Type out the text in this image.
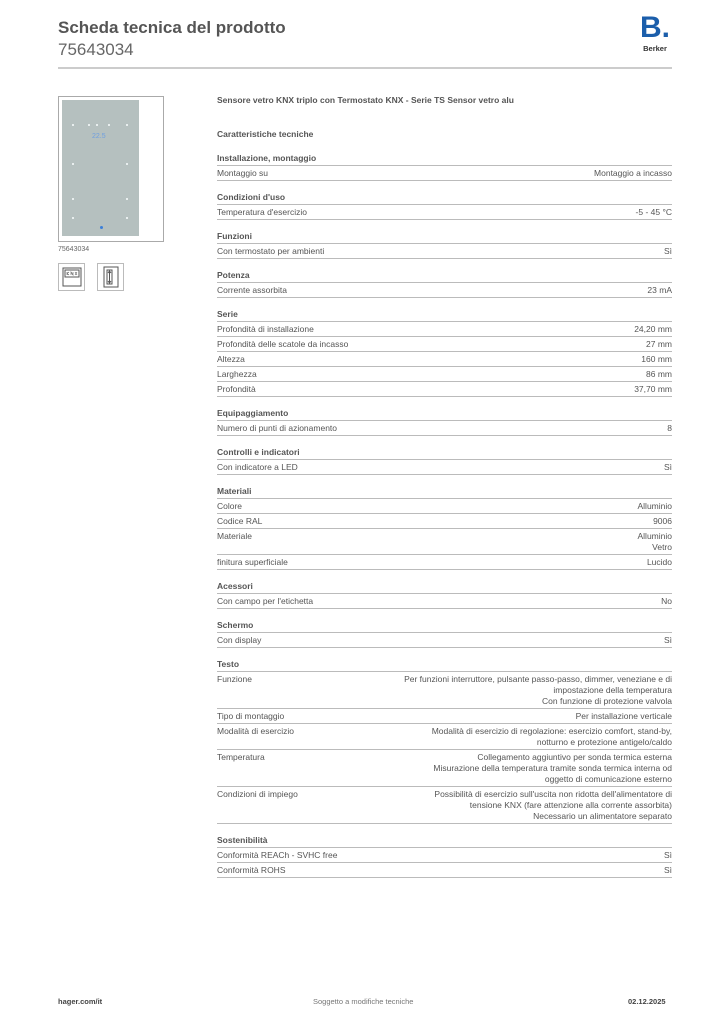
Scheda tecnica del prodotto
75643034
B.
Berker
22.5
75643034
Sensore vetro KNX triplo con Termostato KNX - Serie TS Sensor vetro alu
Caratteristiche tecniche
Installazione, montaggio
Montaggio su	Montaggio a incasso
Condizioni d'uso
Temperatura d'esercizio	-5 - 45 °C
Funzioni
Con termostato per ambienti	Sì
Potenza
Corrente assorbita	23 mA
Serie
Profondità di installazione	24,20 mm
Profondità delle scatole da incasso	27 mm
Altezza	160 mm
Larghezza	86 mm
Profondità	37,70 mm
Equipaggiamento
Numero di punti di azionamento	8
Controlli e indicatori
Con indicatore a LED	Sì
Materiali
Colore	Alluminio
Codice RAL	9006
Materiale	Alluminio
Vetro
finitura superficiale	Lucido
Acessori
Con campo per l'etichetta	No
Schermo
Con display	Sì
Testo
Funzione	Per funzioni interruttore, pulsante passo-passo, dimmer, veneziane e di
impostazione della temperatura
Con funzione di protezione valvola
Tipo di montaggio	Per installazione verticale
Modalità di esercizio	Modalità di esercizio di regolazione: esercizio comfort, stand-by,
notturno e protezione antigelo/caldo
Temperatura	Collegamento aggiuntivo per sonda termica esterna
Misurazione della temperatura tramite sonda termica interna od
oggetto di comunicazione esterno
Condizioni di impiego	Possibilità di esercizio sull'uscita non ridotta dell'alimentatore di
tensione KNX (fare attenzione alla corrente assorbita)
Necessario un alimentatore separato
Sostenibilità
Conformità REACh - SVHC free	Sì
Conformità ROHS	Sì
hager.com/it	Soggetto a modifiche tecniche	02.12.2025
